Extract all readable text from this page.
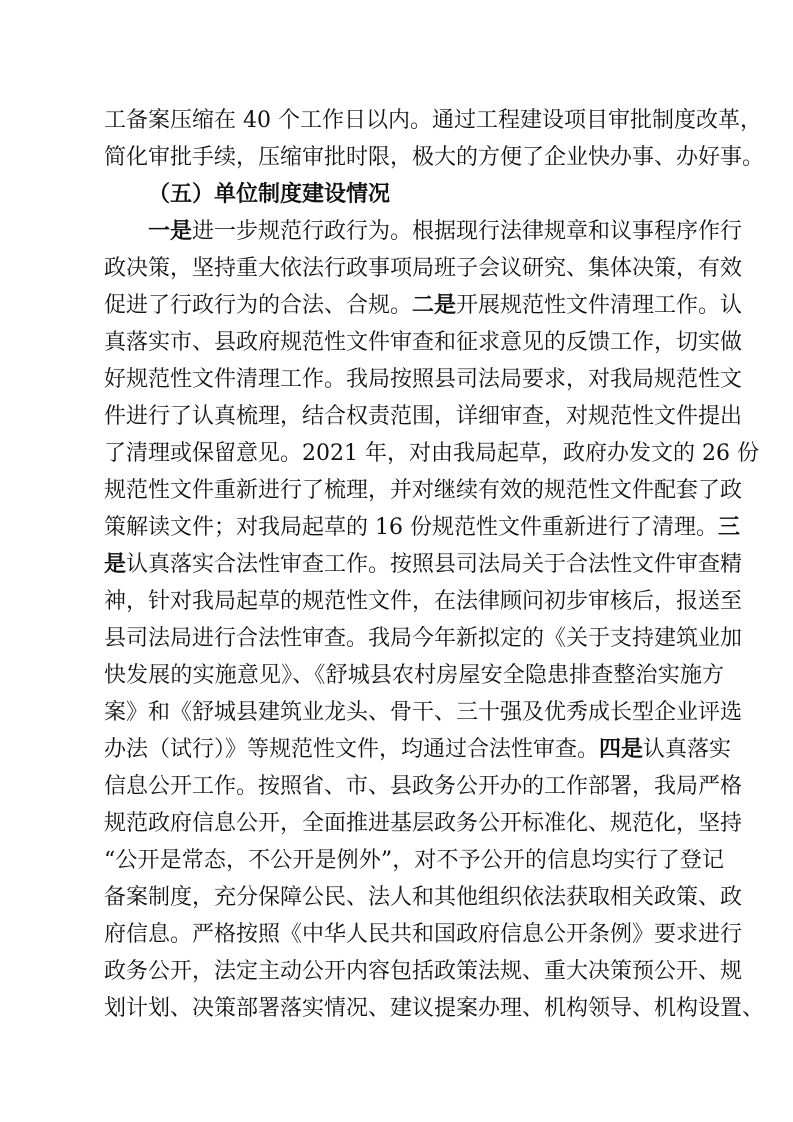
工备案压缩在 40 个工作日以内。通过工程建设项目审批制度改革，
简化审批手续，压缩审批时限，极大的方便了企业快办事、办好事。
（五）单位制度建设情况
一是进一步规范行政行为。根据现行法律规章和议事程序作行
政决策，坚持重大依法行政事项局班子会议研究、集体决策，有效
促进了行政行为的合法、合规。二是开展规范性文件清理工作。认
真落实市、县政府规范性文件审查和征求意见的反馈工作，切实做
好规范性文件清理工作。我局按照县司法局要求，对我局规范性文
件进行了认真梳理，结合权责范围，详细审查，对规范性文件提出
了清理或保留意见。2021 年，对由我局起草，政府办发文的 26 份
规范性文件重新进行了梳理，并对继续有效的规范性文件配套了政
策解读文件；对我局起草的 16 份规范性文件重新进行了清理。三
是认真落实合法性审查工作。按照县司法局关于合法性文件审查精
神，针对我局起草的规范性文件，在法律顾问初步审核后，报送至
县司法局进行合法性审查。我局今年新拟定的《关于支持建筑业加
快发展的实施意见》、《舒城县农村房屋安全隐患排查整治实施方
案》和《舒城县建筑业龙头、骨干、三十强及优秀成长型企业评选
办法（试行）》等规范性文件，均通过合法性审查。四是认真落实
信息公开工作。按照省、市、县政务公开办的工作部署，我局严格
规范政府信息公开，全面推进基层政务公开标准化、规范化，坚持
“公开是常态，不公开是例外”，对不予公开的信息均实行了登记
备案制度，充分保障公民、法人和其他组织依法获取相关政策、政
府信息。严格按照《中华人民共和国政府信息公开条例》要求进行
政务公开，法定主动公开内容包括政策法规、重大决策预公开、规
划计划、决策部署落实情况、建议提案办理、机构领导、机构设置、
